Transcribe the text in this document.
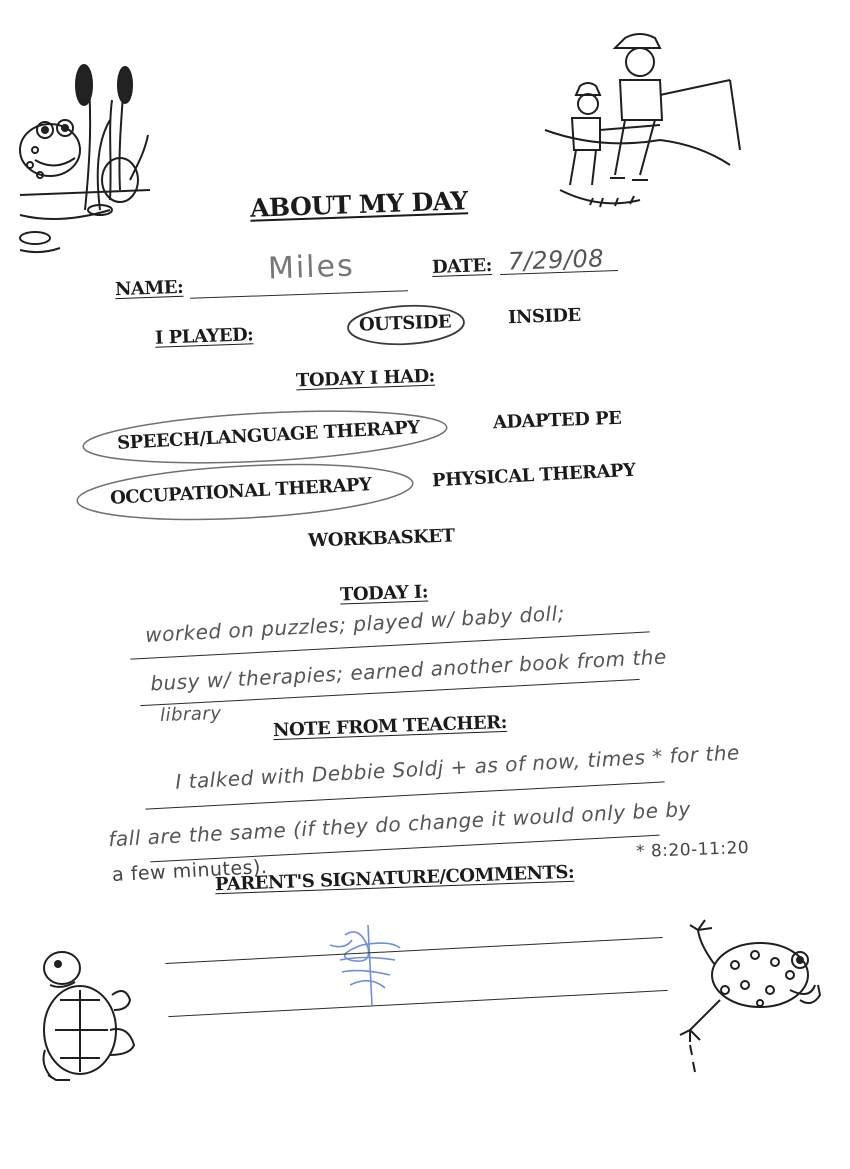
ABOUT MY DAY
NAME:
Miles	DATE: 7/29/08
I PLAYED:
OUTSIDE	INSIDE
TODAY I HAD:
SPEECH/LANGUAGE THERAPY	ADAPTED PE
OCCUPATIONAL THERAPY	PHYSICAL THERAPY
WORKBASKET
TODAY I:
worked on puzzles; played w/ baby doll;
busy w/ therapies; earned another book from the
library	NOTE FROM TEACHER:
I talked with Debbie Soldj + as of now, times * for the
fall are the same (if they do change it would only be by
a few minutes).
* 8:20-11:20
PARENT'S SIGNATURE/COMMENTS:
